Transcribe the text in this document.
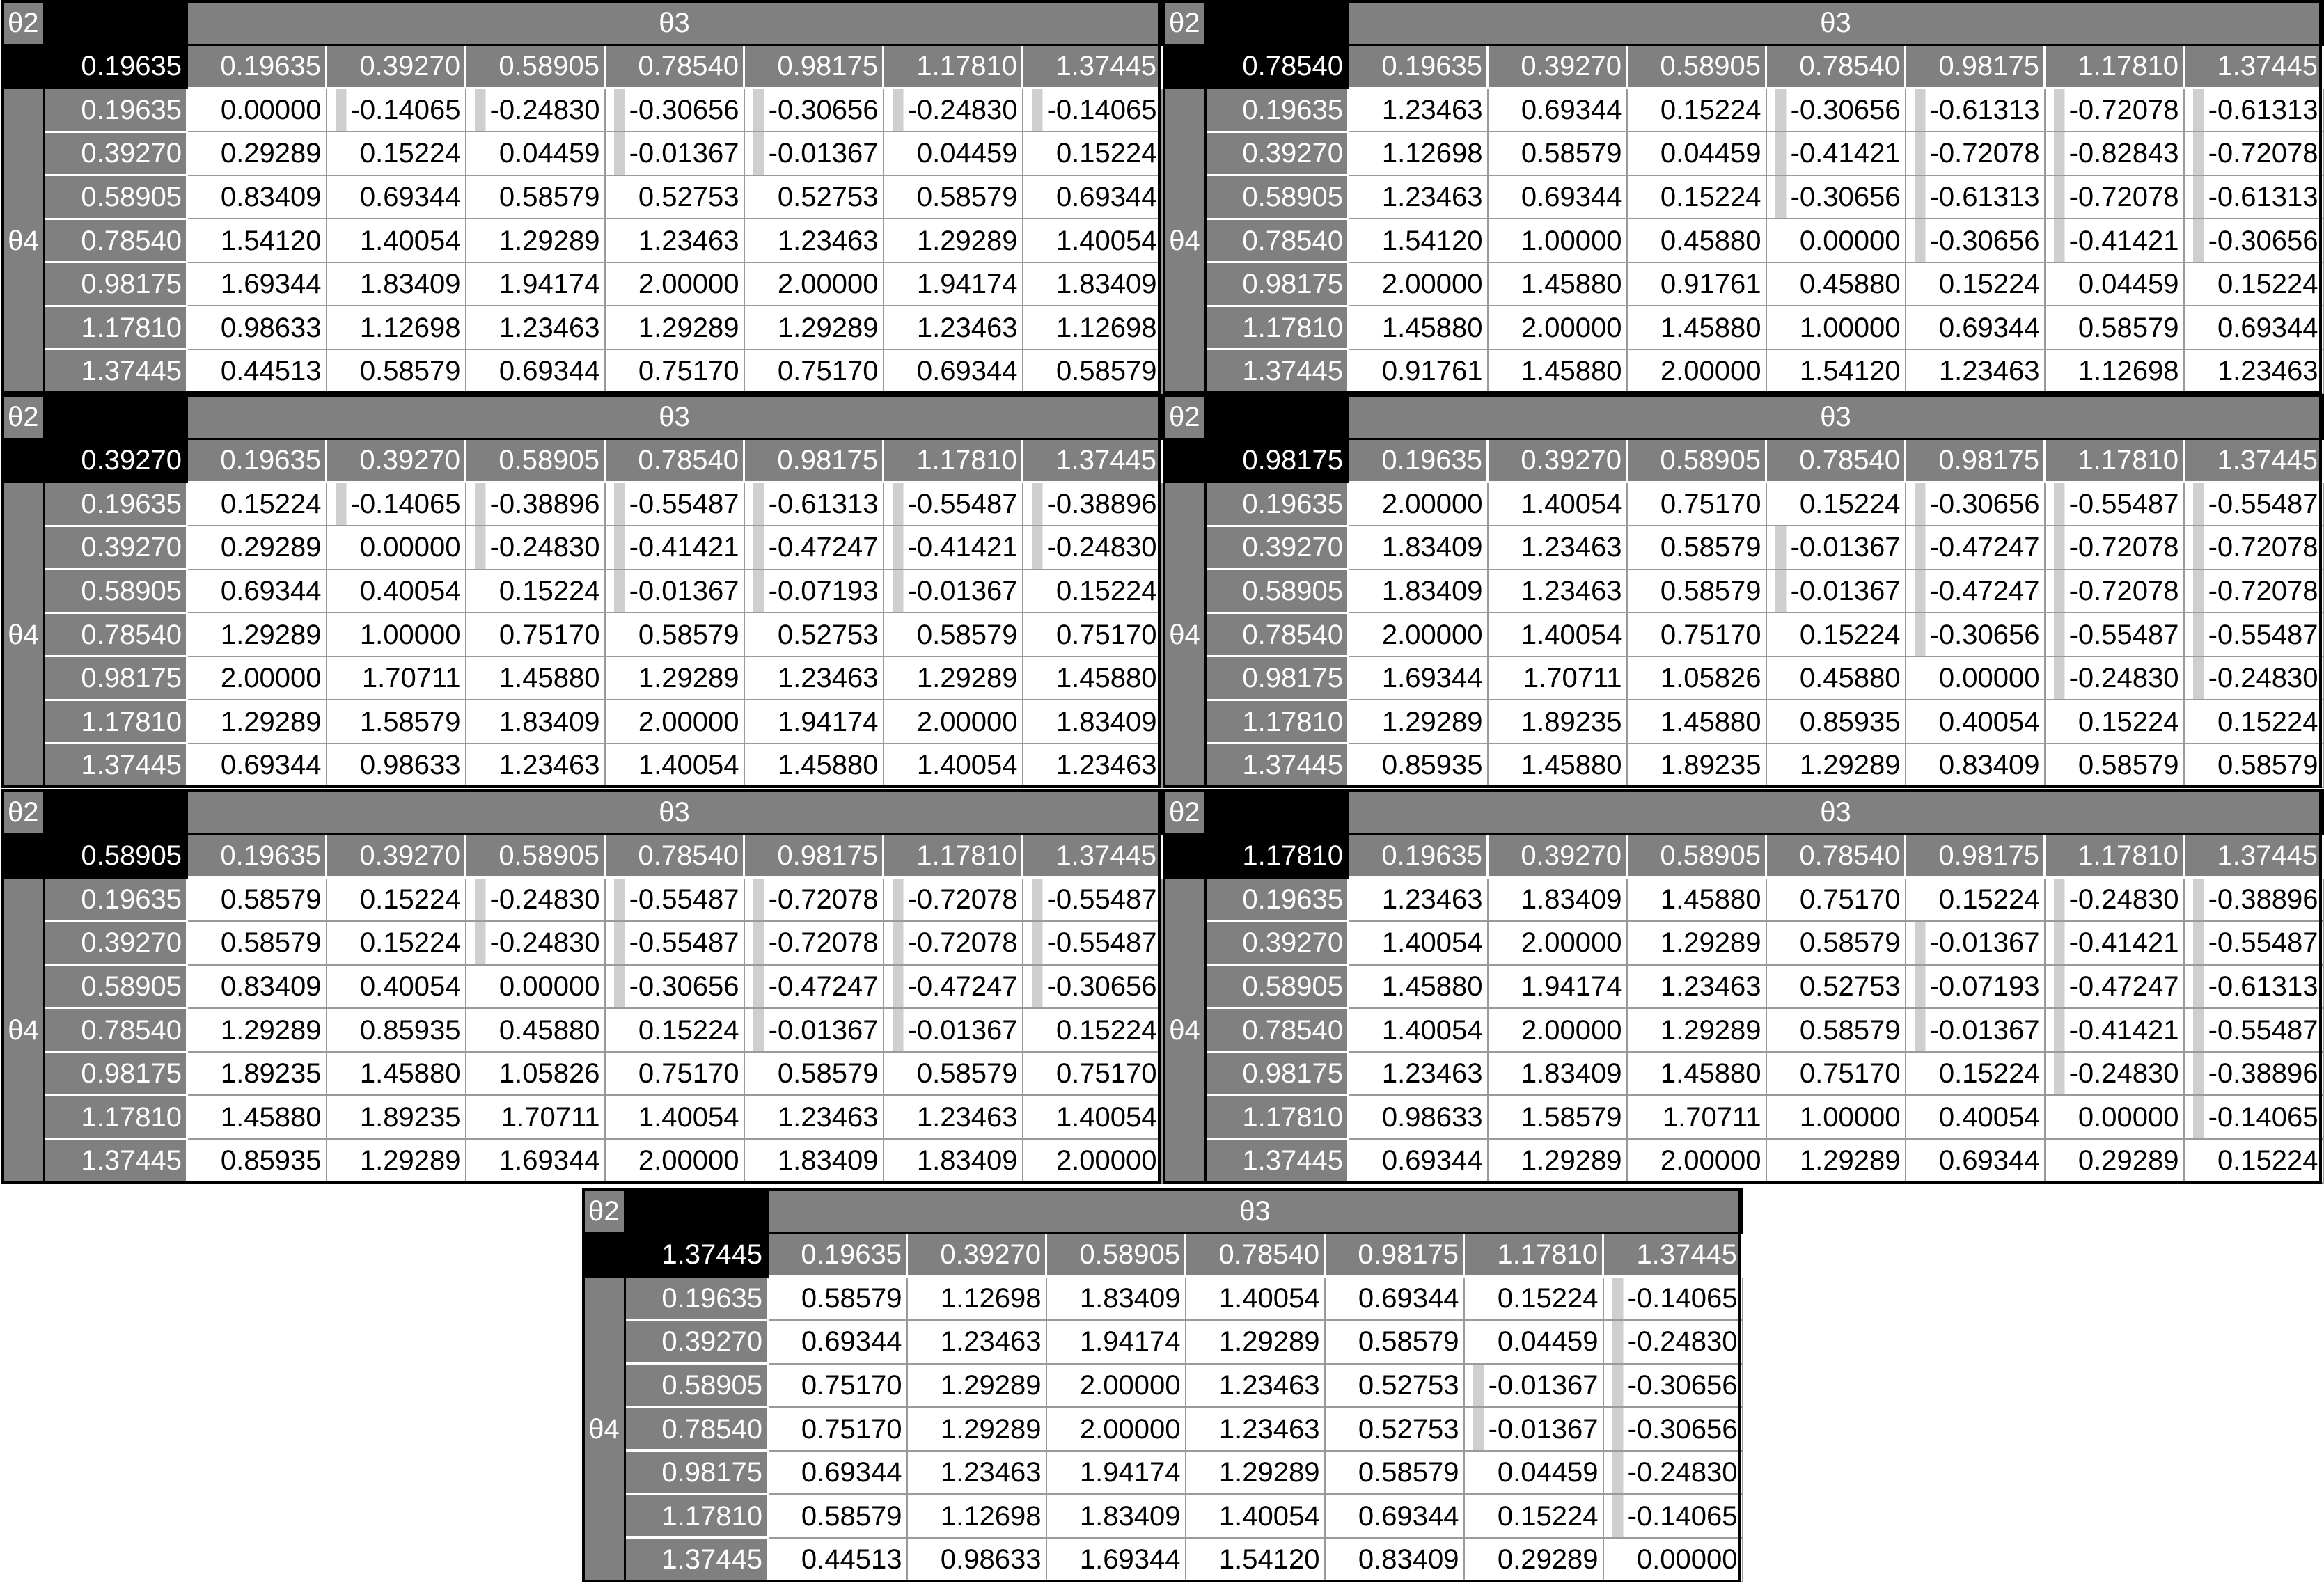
θ2		θ3						
0.19635		0.19635	0.39270	0.58905	0.78540	0.98175	1.17810	1.37445
θ4	0.19635	0.00000	-0.14065	-0.24830	-0.30656	-0.30656	-0.24830	-0.14065
	0.39270	0.29289	0.15224	0.04459	-0.01367	-0.01367	0.04459	0.15224
	0.58905	0.83409	0.69344	0.58579	0.52753	0.52753	0.58579	0.69344
	0.78540	1.54120	1.40054	1.29289	1.23463	1.23463	1.29289	1.40054
	0.98175	1.69344	1.83409	1.94174	2.00000	2.00000	1.94174	1.83409
	1.17810	0.98633	1.12698	1.23463	1.29289	1.29289	1.23463	1.12698
	1.37445	0.44513	0.58579	0.69344	0.75170	0.75170	0.69344	0.58579
θ2		θ3						
0.78540		0.19635	0.39270	0.58905	0.78540	0.98175	1.17810	1.37445
θ4	0.19635	1.23463	0.69344	0.15224	-0.30656	-0.61313	-0.72078	-0.61313
	0.39270	1.12698	0.58579	0.04459	-0.41421	-0.72078	-0.82843	-0.72078
	0.58905	1.23463	0.69344	0.15224	-0.30656	-0.61313	-0.72078	-0.61313
	0.78540	1.54120	1.00000	0.45880	0.00000	-0.30656	-0.41421	-0.30656
	0.98175	2.00000	1.45880	0.91761	0.45880	0.15224	0.04459	0.15224
	1.17810	1.45880	2.00000	1.45880	1.00000	0.69344	0.58579	0.69344
	1.37445	0.91761	1.45880	2.00000	1.54120	1.23463	1.12698	1.23463
θ2		θ3						
0.39270		0.19635	0.39270	0.58905	0.78540	0.98175	1.17810	1.37445
θ4	0.19635	0.15224	-0.14065	-0.38896	-0.55487	-0.61313	-0.55487	-0.38896
	0.39270	0.29289	0.00000	-0.24830	-0.41421	-0.47247	-0.41421	-0.24830
	0.58905	0.69344	0.40054	0.15224	-0.01367	-0.07193	-0.01367	0.15224
	0.78540	1.29289	1.00000	0.75170	0.58579	0.52753	0.58579	0.75170
	0.98175	2.00000	1.70711	1.45880	1.29289	1.23463	1.29289	1.45880
	1.17810	1.29289	1.58579	1.83409	2.00000	1.94174	2.00000	1.83409
	1.37445	0.69344	0.98633	1.23463	1.40054	1.45880	1.40054	1.23463
θ2		θ3						
0.98175		0.19635	0.39270	0.58905	0.78540	0.98175	1.17810	1.37445
θ4	0.19635	2.00000	1.40054	0.75170	0.15224	-0.30656	-0.55487	-0.55487
	0.39270	1.83409	1.23463	0.58579	-0.01367	-0.47247	-0.72078	-0.72078
	0.58905	1.83409	1.23463	0.58579	-0.01367	-0.47247	-0.72078	-0.72078
	0.78540	2.00000	1.40054	0.75170	0.15224	-0.30656	-0.55487	-0.55487
	0.98175	1.69344	1.70711	1.05826	0.45880	0.00000	-0.24830	-0.24830
	1.17810	1.29289	1.89235	1.45880	0.85935	0.40054	0.15224	0.15224
	1.37445	0.85935	1.45880	1.89235	1.29289	0.83409	0.58579	0.58579
θ2		θ3						
0.58905		0.19635	0.39270	0.58905	0.78540	0.98175	1.17810	1.37445
θ4	0.19635	0.58579	0.15224	-0.24830	-0.55487	-0.72078	-0.72078	-0.55487
	0.39270	0.58579	0.15224	-0.24830	-0.55487	-0.72078	-0.72078	-0.55487
	0.58905	0.83409	0.40054	0.00000	-0.30656	-0.47247	-0.47247	-0.30656
	0.78540	1.29289	0.85935	0.45880	0.15224	-0.01367	-0.01367	0.15224
	0.98175	1.89235	1.45880	1.05826	0.75170	0.58579	0.58579	0.75170
	1.17810	1.45880	1.89235	1.70711	1.40054	1.23463	1.23463	1.40054
	1.37445	0.85935	1.29289	1.69344	2.00000	1.83409	1.83409	2.00000
θ2		θ3						
1.17810		0.19635	0.39270	0.58905	0.78540	0.98175	1.17810	1.37445
θ4	0.19635	1.23463	1.83409	1.45880	0.75170	0.15224	-0.24830	-0.38896
	0.39270	1.40054	2.00000	1.29289	0.58579	-0.01367	-0.41421	-0.55487
	0.58905	1.45880	1.94174	1.23463	0.52753	-0.07193	-0.47247	-0.61313
	0.78540	1.40054	2.00000	1.29289	0.58579	-0.01367	-0.41421	-0.55487
	0.98175	1.23463	1.83409	1.45880	0.75170	0.15224	-0.24830	-0.38896
	1.17810	0.98633	1.58579	1.70711	1.00000	0.40054	0.00000	-0.14065
	1.37445	0.69344	1.29289	2.00000	1.29289	0.69344	0.29289	0.15224
θ2		θ3						
1.37445		0.19635	0.39270	0.58905	0.78540	0.98175	1.17810	1.37445
θ4	0.19635	0.58579	1.12698	1.83409	1.40054	0.69344	0.15224	-0.14065
	0.39270	0.69344	1.23463	1.94174	1.29289	0.58579	0.04459	-0.24830
	0.58905	0.75170	1.29289	2.00000	1.23463	0.52753	-0.01367	-0.30656
	0.78540	0.75170	1.29289	2.00000	1.23463	0.52753	-0.01367	-0.30656
	0.98175	0.69344	1.23463	1.94174	1.29289	0.58579	0.04459	-0.24830
	1.17810	0.58579	1.12698	1.83409	1.40054	0.69344	0.15224	-0.14065
	1.37445	0.44513	0.98633	1.69344	1.54120	0.83409	0.29289	0.00000
